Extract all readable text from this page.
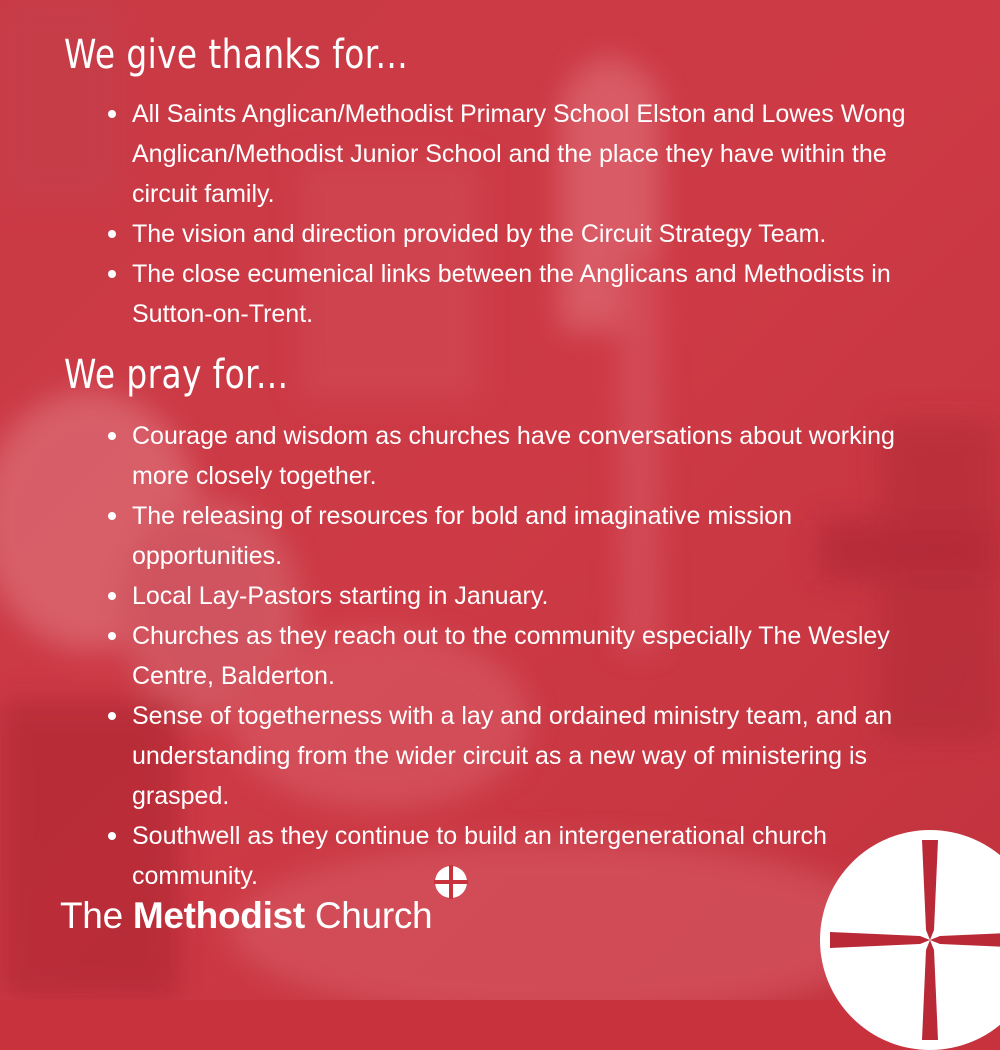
We give thanks for...
All Saints Anglican/Methodist Primary School Elston and Lowes Wong Anglican/Methodist Junior School and the place they have within the circuit family.
The vision and direction provided by the Circuit Strategy Team.
The close ecumenical links between the Anglicans and Methodists in Sutton-on-Trent.
We pray for...
Courage and wisdom as churches have conversations about working more closely together.
The releasing of resources for bold and imaginative mission opportunities.
Local Lay-Pastors starting in January.
Churches as they reach out to the community especially The Wesley Centre, Balderton.
Sense of togetherness with a lay and ordained ministry team, and an understanding from the wider circuit as a new way of ministering is grasped.
Southwell as they continue to build an intergenerational church community.
The Methodist Church
